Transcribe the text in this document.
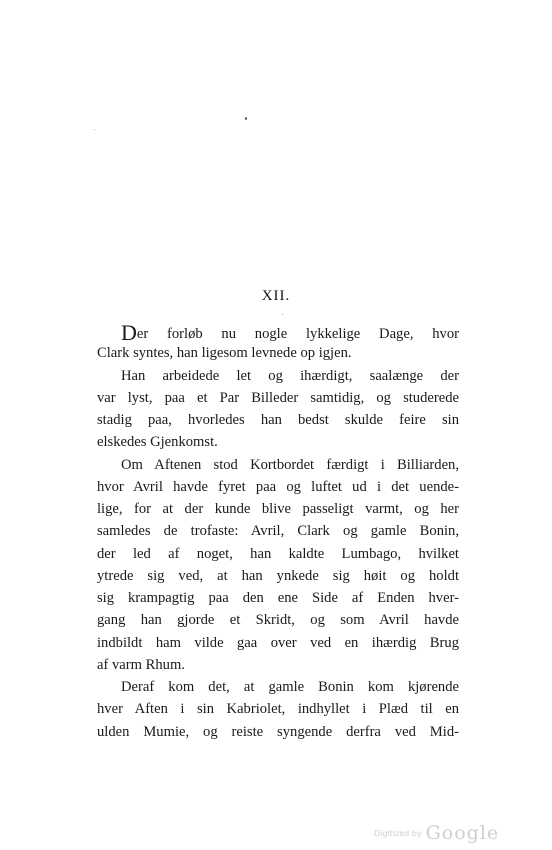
XII.
Der forløb nu nogle lykkelige Dage, hvor
Clark syntes, han ligesom levnede op igjen.
Han arbeidede let og ihærdigt, saalænge der
var lyst, paa et Par Billeder samtidig, og studerede
stadig paa, hvorledes han bedst skulde feire sin
elskedes Gjenkomst.
Om Aftenen stod Kortbordet færdigt i Billiarden,
hvor Avril havde fyret paa og luftet ud i det uende-
lige, for at der kunde blive passeligt varmt, og her
samledes de trofaste: Avril, Clark og gamle Bonin,
der led af noget, han kaldte Lumbago, hvilket
ytrede sig ved, at han ynkede sig høit og holdt
sig krampagtig paa den ene Side af Enden hver-
gang han gjorde et Skridt, og som Avril havde
indbildt ham vilde gaa over ved en ihærdig Brug
af varm Rhum.
Deraf kom det, at gamle Bonin kom kjørende
hver Aften i sin Kabriolet, indhyllet i Plæd til en
ulden Mumie, og reiste syngende derfra ved Mid-
Digitized by Google
